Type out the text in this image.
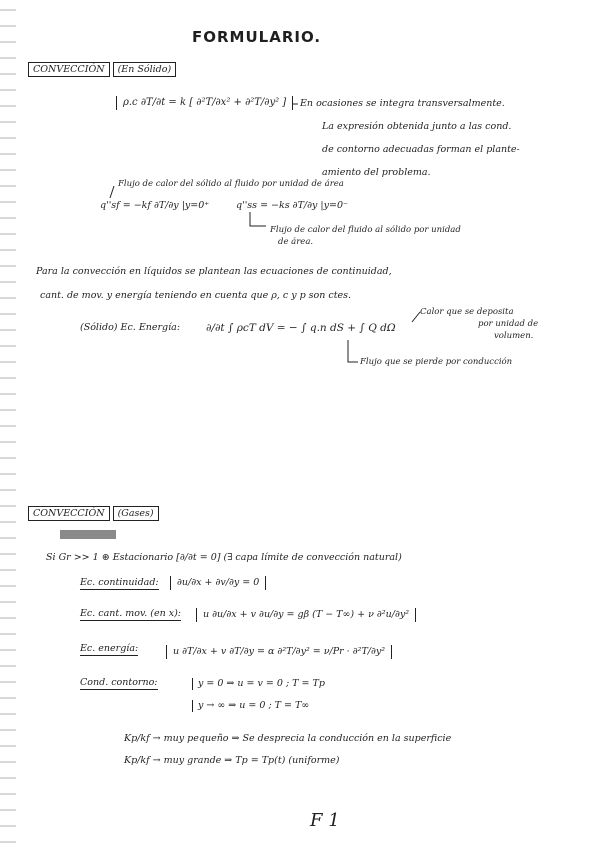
FORMULARIO.
CONVECCIÓN (En Sólido)
ρ.c ∂T/∂t = k [ ∂²T/∂x² + ∂²T/∂y² ]	En ocasiones se integra transversalmente.
La expresión obtenida junto a las cond.
de contorno adecuadas forman el plante-
amiento del problema.
Flujo de calor del sólido al fluido por unidad de área
q''sf = −kf ∂T/∂y |y=0⁺	q''ss = −ks ∂T/∂y |y=0⁻
Flujo de calor del fluido al sólido por unidad
de área.
Para la convección en líquidos se plantean las ecuaciones de continuidad,
cant. de mov. y energía teniendo en cuenta que ρ, c y p son ctes.
Calor que se deposita
por unidad de
volumen.
(Sólido) Ec. Energía: ∂/∂t ∫ ρcT dV = − ∫ q.n dS + ∫ Q dΩ
Flujo que se pierde por conducción
CONVECCIÓN (Gases)
Si Gr >> 1 ⊛ Estacionario [∂/∂t = 0] (∃ capa límite de convección natural)
Ec. continuidad:	∂u/∂x + ∂v/∂y = 0
Ec. cant. mov. (en x):	u ∂u/∂x + v ∂u/∂y = gβ (T − T∞) + ν ∂²u/∂y²
Ec. energía:	u ∂T/∂x + v ∂T/∂y = α ∂²T/∂y² = ν/Pr · ∂²T/∂y²
Cond. contorno:	y = 0 ⇒ u = v = 0 ; T = Tp
y → ∞ ⇒ u = 0 ; T = T∞
Kp/kf → muy pequeño ⇒ Se desprecia la conducción en la superficie
Kp/kf → muy grande ⇒ Tp = Tp(t) (uniforme)
F 1
